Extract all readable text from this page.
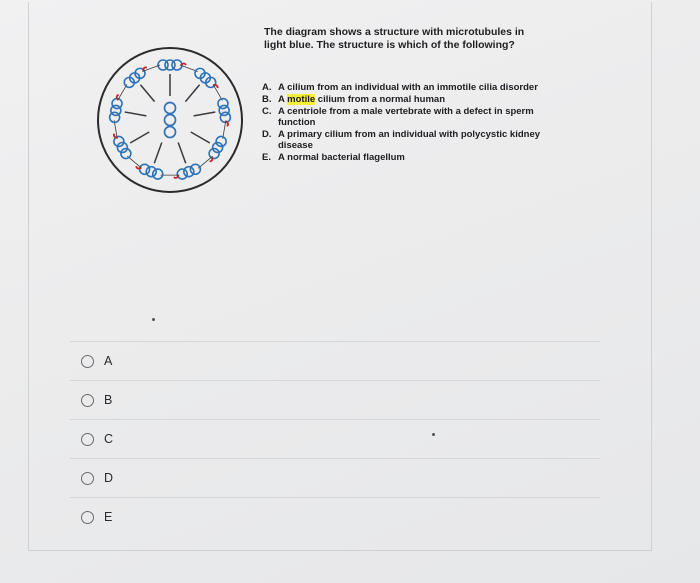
The diagram shows a structure with microtubules in light blue. The structure is which of the following?
A. A cilium from an individual with an immotile cilia disorder
B. A motile cilium from a normal human
C. A centriole from a male vertebrate with a defect in sperm function
D. A primary cilium from an individual with polycystic kidney disease
E. A normal bacterial flagellum
A
B
C
D
E
